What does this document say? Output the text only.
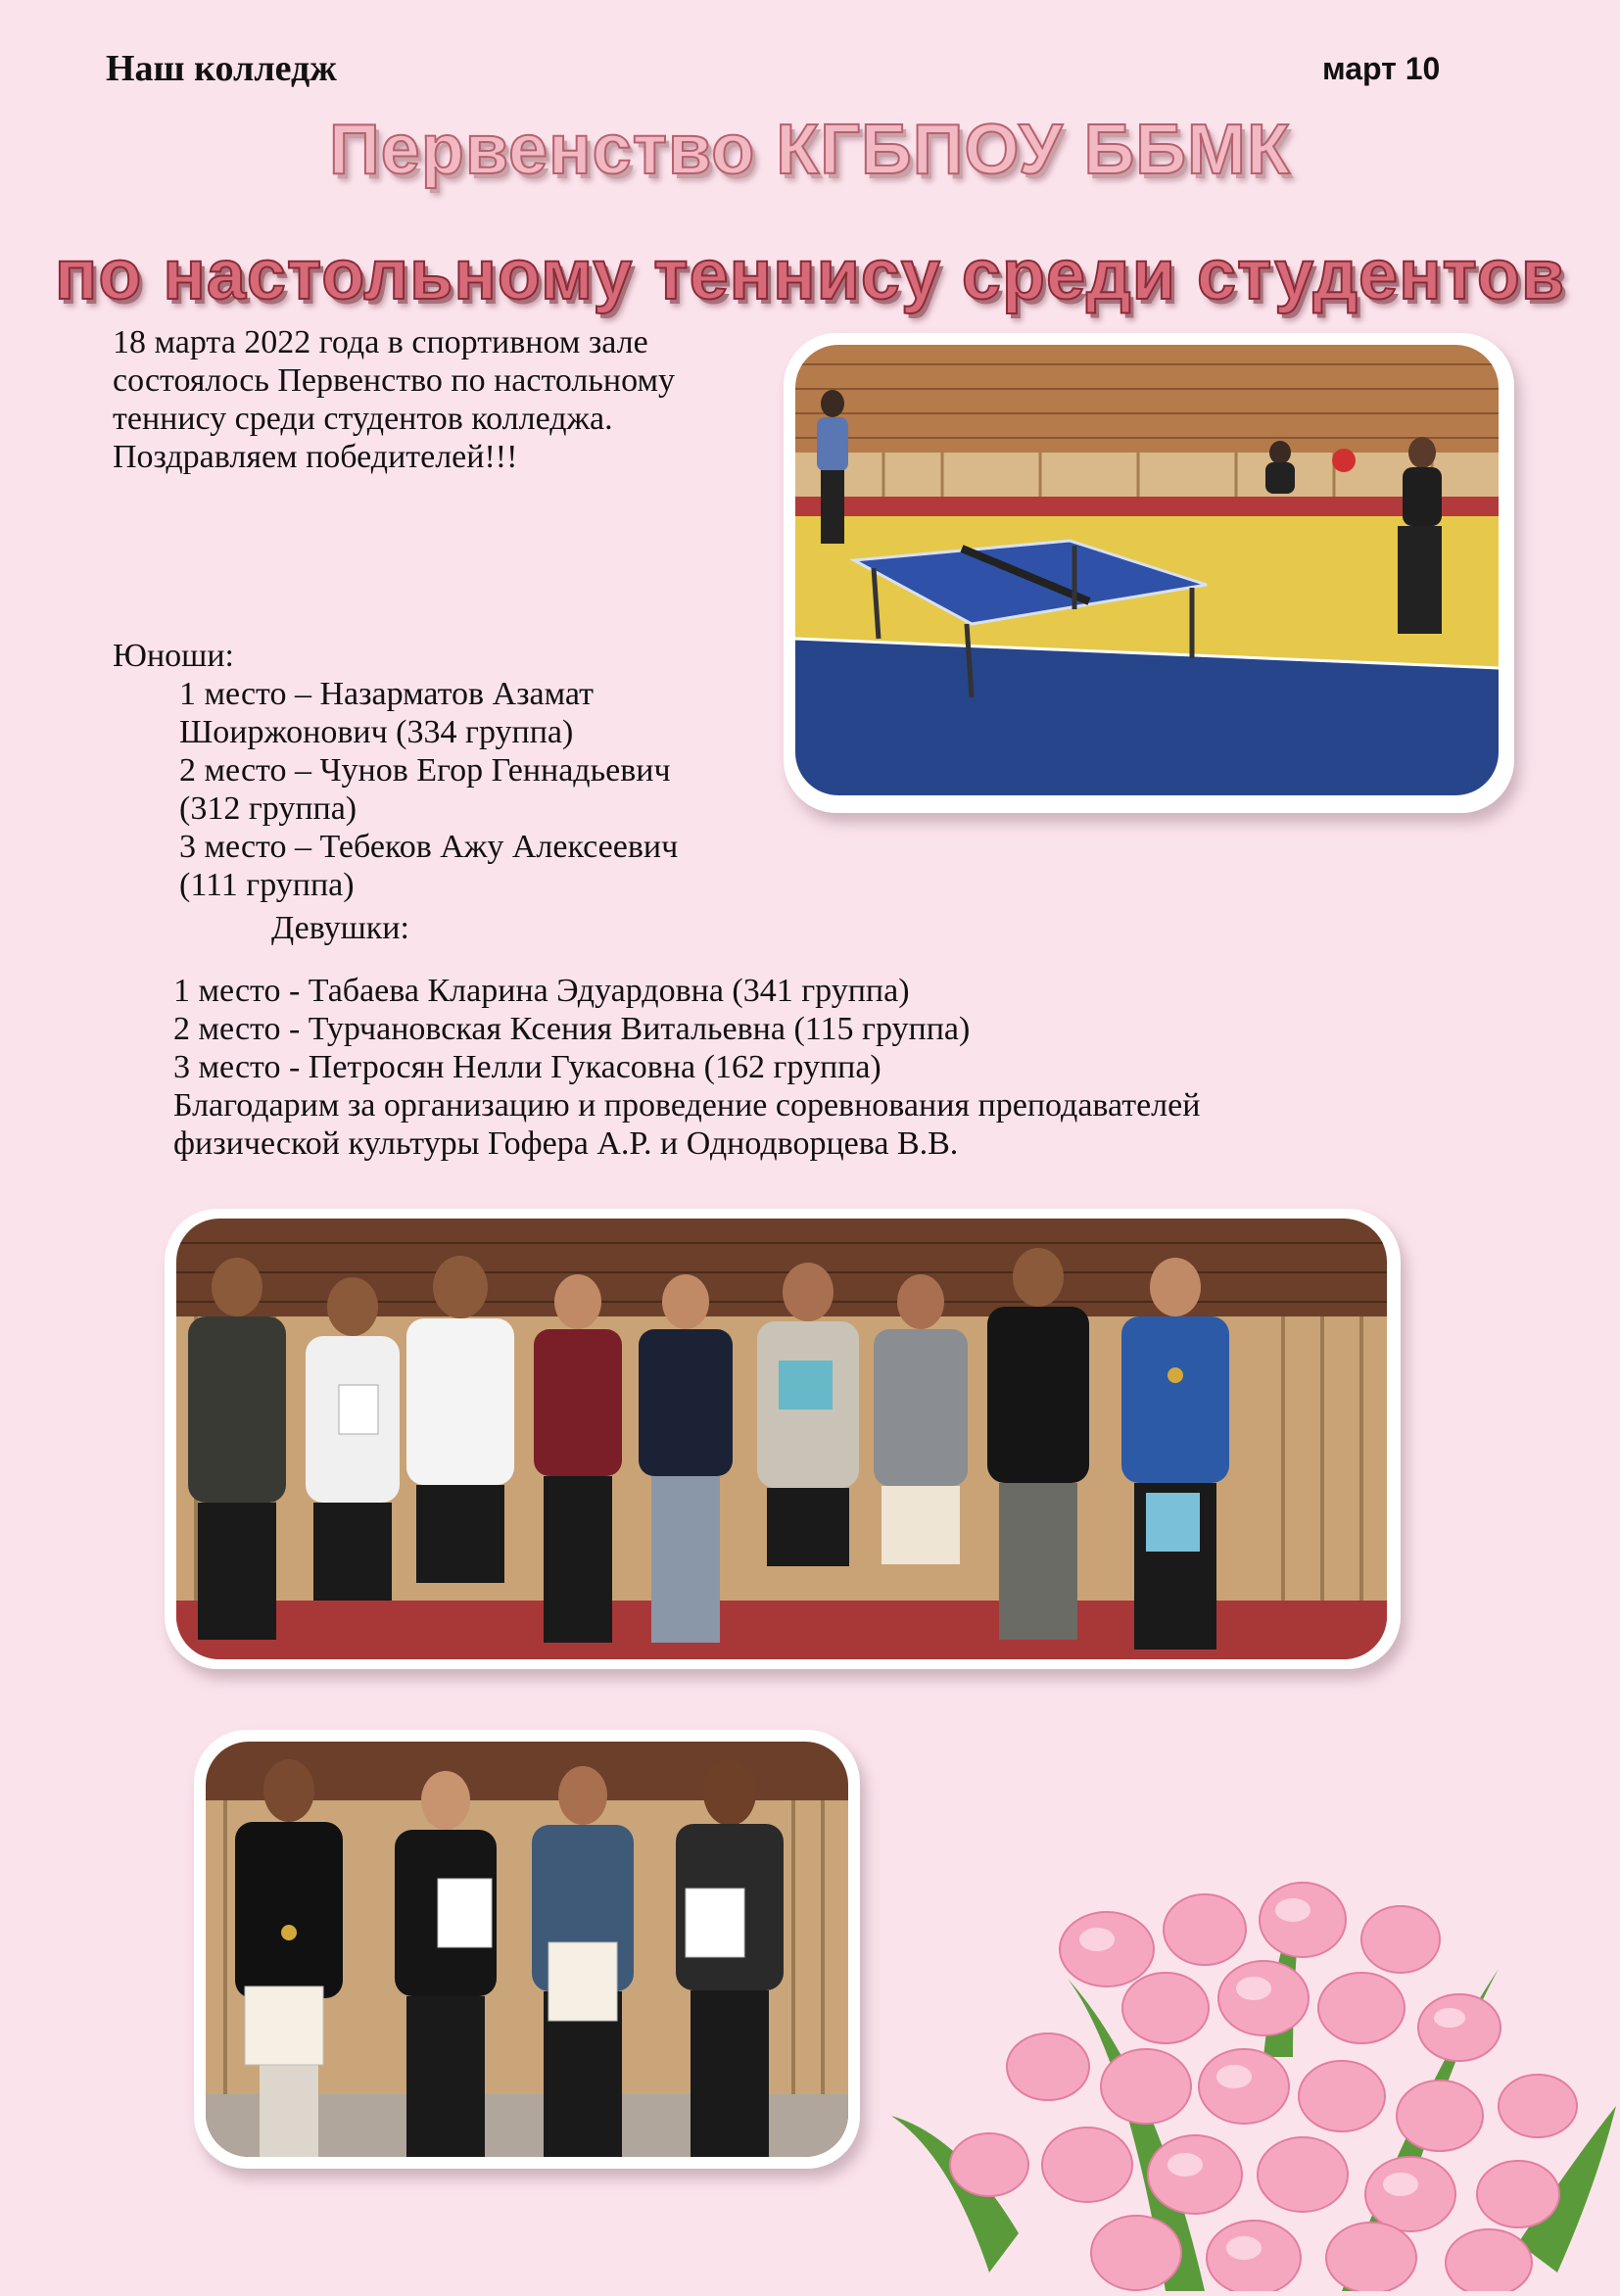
Наш колледж	март 10
Первенство КГБПОУ ББМК
по настольному теннису среди студентов
18 марта 2022 года в спортивном зале
состоялось Первенство по настольному
теннису среди студентов колледжа.
Поздравляем победителей!!!
Юноши:
1 место – Назарматов Азамат
Шоиржонович (334 группа)
2 место – Чунов Егор Геннадьевич
(312 группа)
3 место – Тебеков Ажу Алексеевич
(111 группа)
Девушки:
1 место - Табаева Кларина Эдуардовна (341 группа)
2 место - Турчановская Ксения Витальевна (115 группа)
3 место - Петросян Нелли Гукасовна (162 группа)
Благодарим за организацию и проведение соревнования преподавателей
физической культуры Гофера А.Р. и Однодворцева В.В.
